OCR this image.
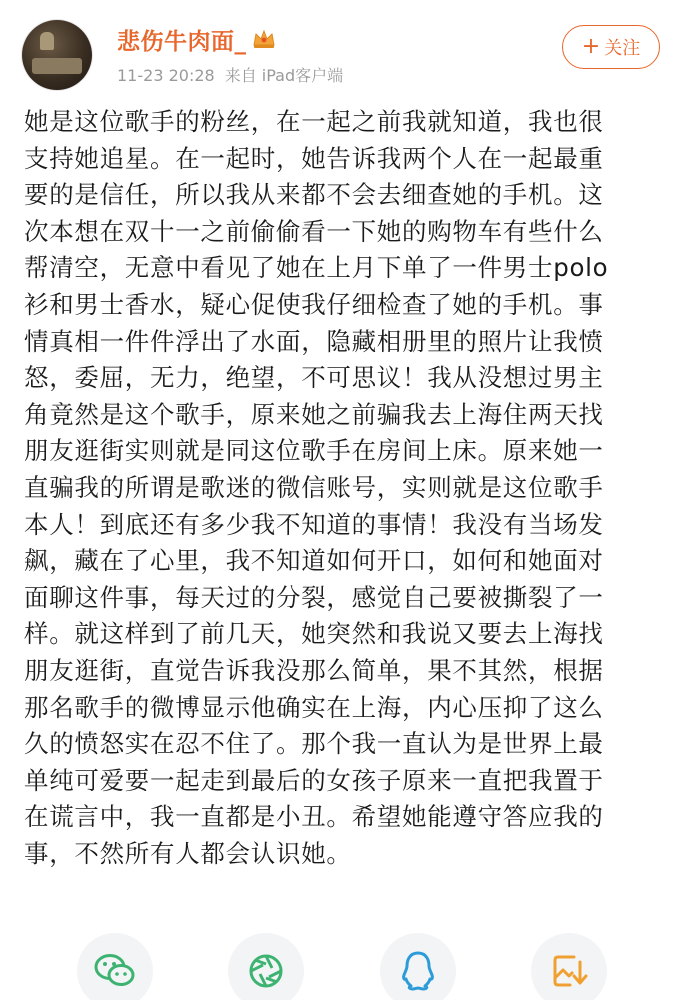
悲伤牛肉面_
11-23 20:28 来自 iPad客户端
+ 关注
她是这位歌手的粉丝，在一起之前我就知道，我也很
支持她追星。在一起时，她告诉我两个人在一起最重
要的是信任，所以我从来都不会去细查她的手机。这
次本想在双十一之前偷偷看一下她的购物车有些什么
帮清空，无意中看见了她在上月下单了一件男士polo
衫和男士香水，疑心促使我仔细检查了她的手机。事
情真相一件件浮出了水面，隐藏相册里的照片让我愤
怒，委屈，无力，绝望，不可思议！我从没想过男主
角竟然是这个歌手，原来她之前骗我去上海住两天找
朋友逛街实则就是同这位歌手在房间上床。原来她一
直骗我的所谓是歌迷的微信账号，实则就是这位歌手
本人！到底还有多少我不知道的事情！我没有当场发
飙，藏在了心里，我不知道如何开口，如何和她面对
面聊这件事，每天过的分裂，感觉自己要被撕裂了一
样。就这样到了前几天，她突然和我说又要去上海找
朋友逛街，直觉告诉我没那么简单，果不其然，根据
那名歌手的微博显示他确实在上海，内心压抑了这么
久的愤怒实在忍不住了。那个我一直认为是世界上最
单纯可爱要一起走到最后的女孩子原来一直把我置于
在谎言中，我一直都是小丑。希望她能遵守答应我的
事，不然所有人都会认识她。
